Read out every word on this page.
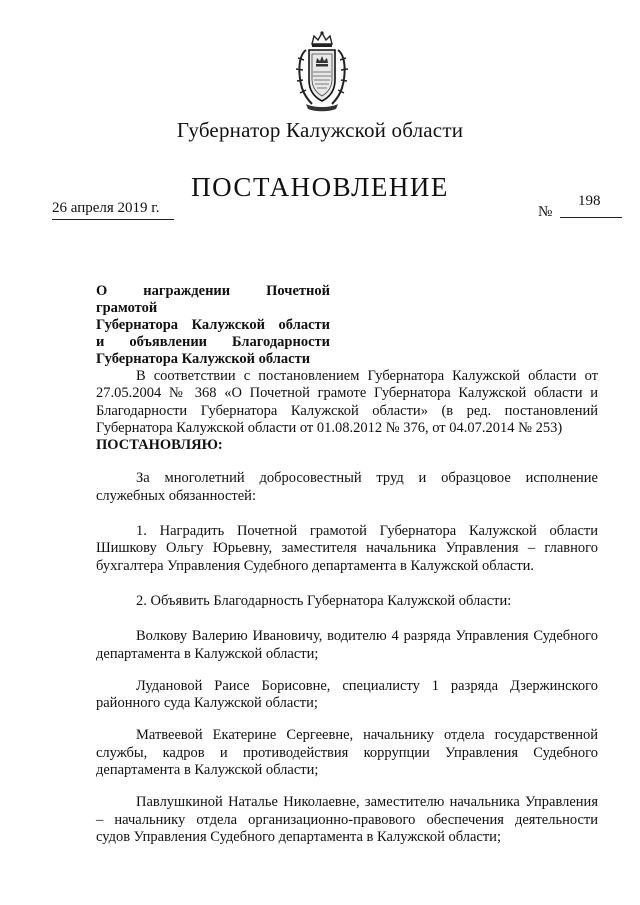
Губернатор Калужской области
ПОСТАНОВЛЕНИЕ
26 апреля 2019 г.	№
198
О награждении Почетной грамотой
Губернатора Калужской области
и объявлении Благодарности
Губернатора Калужской области

В соответствии с постановлением Губернатора Калужской области от 27.05.2004 № 368 «О Почетной грамоте Губернатора Калужской области и Благодарности Губернатора Калужской области» (в ред. постановлений Губернатора Калужской области от 01.08.2012 № 376, от 04.07.2014 № 253)
ПОСТАНОВЛЯЮ:

За многолетний добросовестный труд и образцовое исполнение служебных обязанностей:

1. Наградить Почетной грамотой Губернатора Калужской области Шишкову Ольгу Юрьевну, заместителя начальника Управления – главного бухгалтера Управления Судебного департамента в Калужской области.

2. Объявить Благодарность Губернатора Калужской области:

Волкову Валерию Ивановичу, водителю 4 разряда Управления Судебного департамента в Калужской области;

Лудановой Раисе Борисовне, специалисту 1 разряда Дзержинского районного суда Калужской области;

Матвеевой Екатерине Сергеевне, начальнику отдела государственной службы, кадров и противодействия коррупции Управления Судебного департамента в Калужской области;

Павлушкиной Наталье Николаевне, заместителю начальника Управления – начальнику отдела организационно-правового обеспечения деятельности судов Управления Судебного департамента в Калужской области;
